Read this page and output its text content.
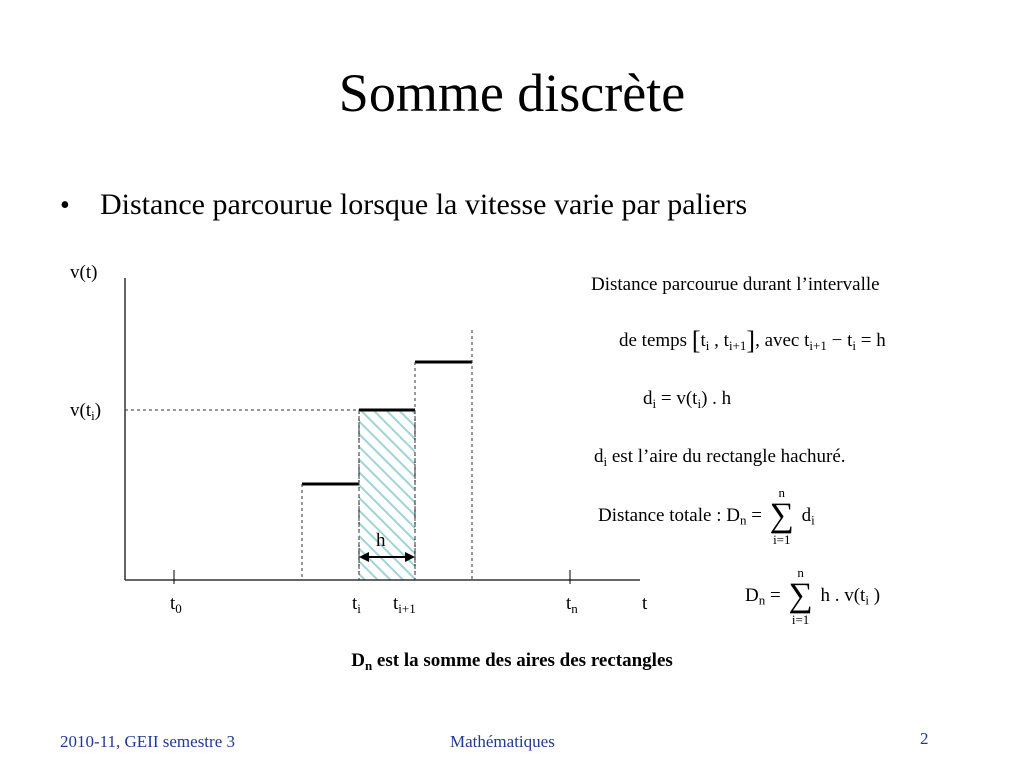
Somme discrète
• Distance parcourue lorsque la vitesse varie par paliers
v(t)
$v(t_i)$
h
$t_0$	$t_i$ $t_{i+1}$	$t_n$	t
Distance parcourue durant l’intervalle
de temps [$t_i$ , $t_{i+1}$], avec $t_{i+1} - t_i = h$
$d_i = v(t_i)$ . h
$d_i$ est l’aire du rectangle hachuré.
Distance totale : $D_n$ =
n
∑
i=1
$d_i$
$D_n$ =
n
∑
i=1
h . $v(t_i$ )
$D_n$ est la somme des aires des rectangles
2010-11, GEII semestre 3	Mathématiques	2
